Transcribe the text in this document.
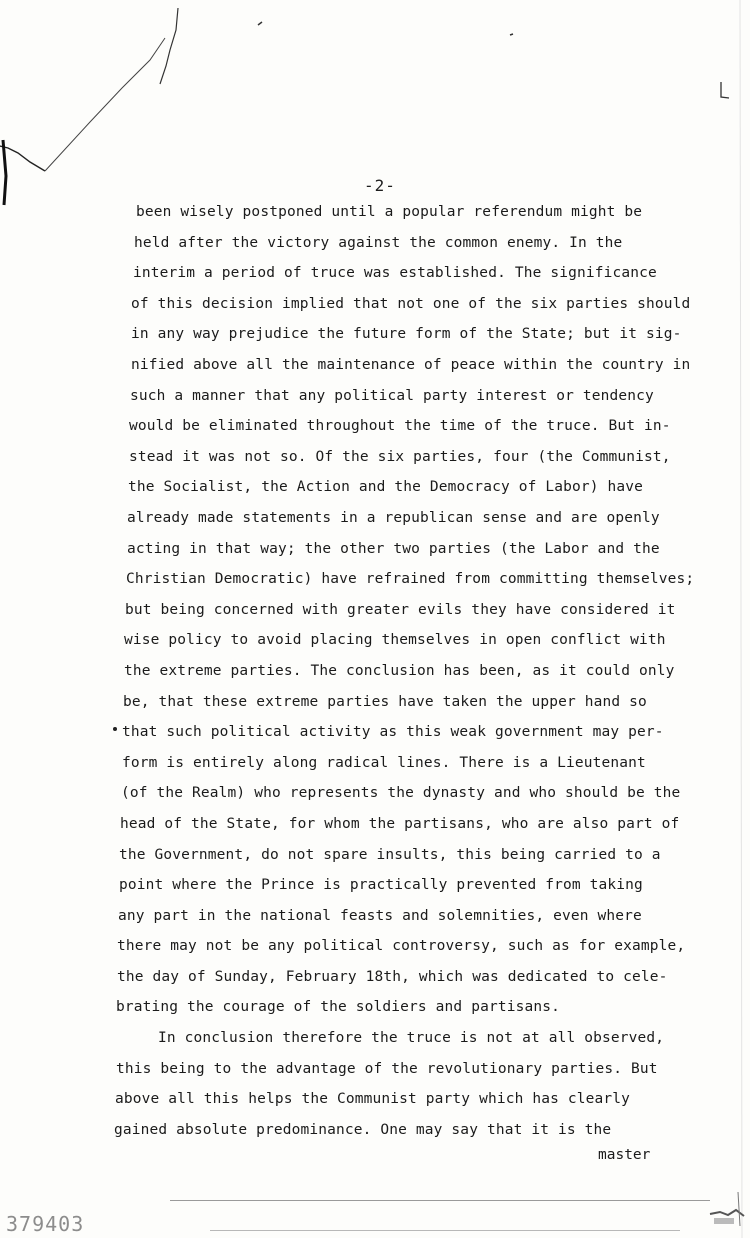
-2-
been wisely postponed until a popular referendum might be
held after the victory against the common enemy. In the
interim a period of truce was established. The significance
of this decision implied that not one of the six parties should
in any way prejudice the future form of the State; but it sig-
nified above all the maintenance of peace within the country in
such a manner that any political party interest or tendency
would be eliminated throughout the time of the truce. But in-
stead it was not so. Of the six parties, four (the Communist,
the Socialist, the Action and the Democracy of Labor) have
already made statements in a republican sense and are openly
acting in that way; the other two parties (the Labor and the
Christian Democratic) have refrained from committing themselves;
but being concerned with greater evils they have considered it
wise policy to avoid placing themselves in open conflict with
the extreme parties. The conclusion has been, as it could only
be, that these extreme parties have taken the upper hand so
that such political activity as this weak government may per-
form is entirely along radical lines. There is a Lieutenant
(of the Realm) who represents the dynasty and who should be the
head of the State, for whom the partisans, who are also part of
the Government, do not spare insults, this being carried to a
point where the Prince is practically prevented from taking
any part in the national feasts and solemnities, even where
there may not be any political controversy, such as for example,
the day of Sunday, February 18th, which was dedicated to cele-
brating the courage of the soldiers and partisans.
In conclusion therefore the truce is not at all observed,
this being to the advantage of the revolutionary parties. But
above all this helps the Communist party which has clearly
gained absolute predominance. One may say that it is the
master
379403
